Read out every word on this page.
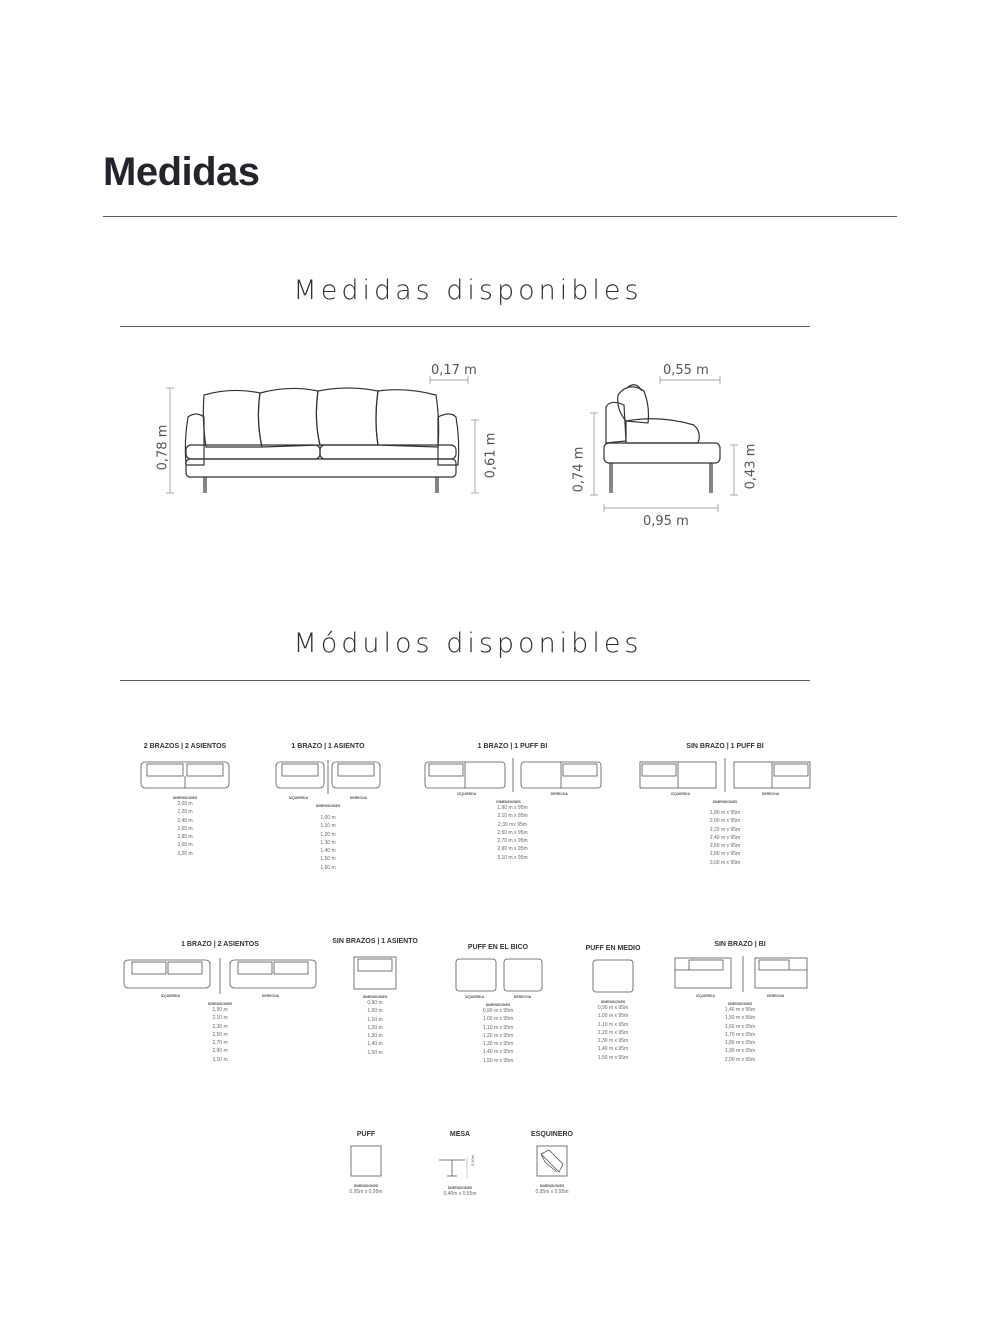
Medidas
Medidas disponibles
0,17 m
0,78 m	0,61 m
0,55 m
0,74 m	0,43 m
0,95 m
Módulos disponibles
2 BRAZOS | 2 ASIENTOS
DIMENSIONES
2,00 m
2,20 m
2,40 m
2,60 m
2,80 m
3,00 m
3,20 m
1 BRAZO | 1 ASIENTO
IZQUIERDA	DERECHA
DIMENSIONES
1,00 m
1,10 m
1,20 m
1,30 m
1,40 m
1,50 m
1,60 m
1 BRAZO | 1 PUFF BI
IZQUIERDA	DERECHA
DIMENSIONES
1,90 m x 95m
2,10 m x 95m
2,30 mx 95m
2,50 m x 95m
2,70 m x 95m
2,90 m x 95m
3,10 m x 95m
SIN BRAZO | 1 PUFF BI
IZQUIERDA	DERECHA
DIMENSIONES
1,80 m x 95m
2,00 m x 95m
2,20 m x 95m
2,40 m x 95m
2,60 m x 95m
2,80 m x 95m
3,00 m x 95m
1 BRAZO | 2 ASIENTOS
IZQUIERDA	DERECHA
DIMENSIONES
1,90 m
2,10 m
2,30 m
2,50 m
2,70 m
2,90 m
3,10 m
SIN BRAZOS | 1 ASIENTO
DIMENSIONES
0,90 m
1,00 m
1,10 m
1,20 m
1,30 m
1,40 m
1,50 m
PUFF EN EL BICO
IZQUIERDA	DERECHA
DIMENSIONES
0,90 m x 95m
1,00 m x 95m
1,10 m x 95m
1,20 m x 95m
1,30 m x 95m
1,40 m x 95m
1,50 m x 95m
PUFF EN MEDIO
DIMENSIONES
0,90 m x 95m
1,00 m x 95m
1,10 m x 95m
1,20 m x 95m
1,30 m x 95m
1,40 m x 95m
1,50 m x 95m
SIN BRAZO | BI
IZQUIERDA	DERECHA
DIMENSIONES
1,40 m x 95m
1,50 m x 95m
1,60 m x 95m
1,70 m x 95m
1,80 m x 95m
1,90 m x 95m
2,00 m x 95m
PUFF
DIMENSIONES
0,95m x 0,95m
MESA
0,50m
DIMENSIONES
0,40m x 0,55m
ESQUINERO
DIMENSIONES
0,95m x 0,95m
